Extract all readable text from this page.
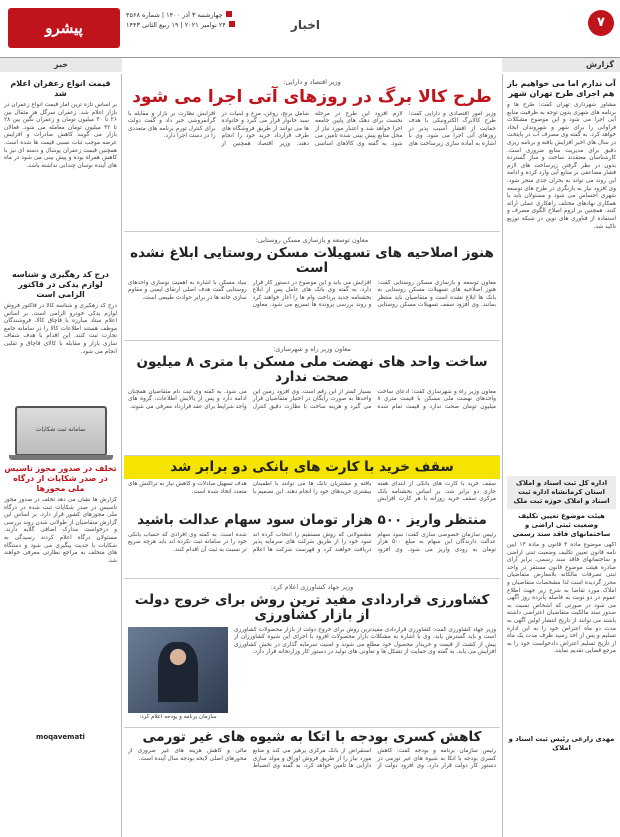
پیشرو
چهارشنبه ۳ آذر ۱۴۰۰ | شماره ۴۵۶۸
۲۴ نوامبر ۲۰۲۱ | ۱۹ ربیع الثانی ۱۴۴۳	اخبار	۷
گزارش
خبر
آب ندارم اما می خواهیم باز هم اجرای طرح تهران شهر
مشاور شهرداری تهران گفت: طرح ها و برنامه های شهری بدون توجه به ظرفیت منابع آبی اجرا می شود و این موضوع مشکلات فراوانی را برای شهر و شهروندان ایجاد خواهد کرد. به گفته وی مصرف آب در پایتخت در سال های اخیر افزایش یافته و برنامه ریزی دقیق برای مدیریت منابع ضروری است. کارشناسان معتقدند ساخت و ساز گسترده بدون در نظر گرفتن زیرساخت های لازم فشار مضاعفی بر منابع آبی وارد کرده و ادامه این روند می تواند به بحران جدی منجر شود. وی افزود نیاز به بازنگری در طرح های توسعه شهری احساس می شود و مسئولان باید با همکاری نهادهای مختلف راهکاری عملی ارائه کنند. همچنین بر لزوم اصلاح الگوی مصرف و استفاده از فناوری های نوین در شبکه توزیع تاکید شد.
اداره کل ثبت اسناد و املاک استان کرمانشاه اداره ثبت اسناد و املاک حوزه ثبت ملک
هیئت موضوع تعیین تکلیف وضعیت ثبتی اراضی و ساختمانهای فاقد سند رسمی
آگهی موضوع ماده ۳ قانون و ماده ۱۳ آیین نامه قانون تعیین تکلیف وضعیت ثبتی اراضی و ساختمانهای فاقد سند رسمی. برابر آرای صادره هیئت موضوع قانون مستقر در واحد ثبتی تصرفات مالکانه بلامعارض متقاضیان محرز گردیده است لذا مشخصات متقاضیان و املاک مورد تقاضا به شرح زیر جهت اطلاع عموم در دو نوبت به فاصله پانزده روز آگهی می شود در صورتی که اشخاص نسبت به صدور سند مالکیت متقاضیان اعتراضی داشته باشند می توانند از تاریخ انتشار اولین آگهی به مدت دو ماه اعتراض خود را به این اداره تسلیم و پس از اخذ رسید ظرف مدت یک ماه از تاریخ تسلیم اعتراض دادخواست خود را به مرجع قضایی تقدیم نمایند.
مهدی زارعی رئیس ثبت اسناد و املاک
وزیر اقتصاد و دارایی:
طرح کالا برگ در روزهای آتی اجرا می شود
وزیر امور اقتصادی و دارایی گفت: طرح کالابرگ الکترونیکی با هدف حمایت از اقشار آسیب پذیر در روزهای آتی اجرا می شود. وی با اشاره به آماده سازی زیرساخت های لازم افزود این طرح در مرحله نخست برای دهک های پایین جامعه اجرا خواهد شد و اعتبار مورد نیاز از محل منابع پیش بینی شده تامین می شود. به گفته وی کالاهای اساسی شامل برنج، روغن، مرغ و لبنیات در سبد خانوار قرار می گیرد و خانواده ها می توانند از طریق فروشگاه های طرف قرارداد خرید خود را انجام دهند. وزیر اقتصاد همچنین از افزایش نظارت بر بازار و مقابله با گرانفروشی خبر داد و گفت دولت برای کنترل تورم برنامه های متعددی را در دست اجرا دارد.
معاون توسعه و بازسازی مسکن روستایی:
هنوز اصلاحیه های تسهیلات مسکن روستایی ابلاغ نشده است
معاون توسعه و بازسازی مسکن روستایی گفت: هنوز اصلاحیه های تسهیلات مسکن روستایی به بانک ها ابلاغ نشده است و متقاضیان باید منتظر بمانند. وی افزود سقف تسهیلات مسکن روستایی افزایش می یابد و این موضوع در دستور کار قرار دارد. به گفته وی بانک های عامل پس از ابلاغ بخشنامه جدید پرداخت وام ها را آغاز خواهند کرد و روند بررسی پرونده ها تسریع می شود. معاون بنیاد مسکن با اشاره به اهمیت نوسازی واحدهای روستایی گفت هدف اصلی ارتقای ایمنی و مقاوم سازی خانه ها در برابر حوادث طبیعی است.
معاون وزیر راه و شهرسازی:
ساخت واحد های نهضت ملی مسکن با متری ۸ میلیون صحت ندارد
معاون وزیر راه و شهرسازی گفت: ادعای ساخت واحدهای نهضت ملی مسکن با قیمت متری ۸ میلیون تومان صحت ندارد و قیمت تمام شده بسیار کمتر از این رقم است. وی افزود زمین این واحدها به صورت رایگان در اختیار متقاضیان قرار می گیرد و هزینه ساخت با نظارت دقیق کنترل می شود. به گفته وی ثبت نام متقاضیان همچنان ادامه دارد و پس از پالایش اطلاعات، گروه های واجد شرایط برای عقد قرارداد معرفی می شوند.
سقف خرید با کارت های بانکی دو برابر شد
سقف خرید با کارت های بانکی از ابتدای هفته جاری دو برابر شد. بر اساس بخشنامه بانک مرکزی سقف خرید روزانه با هر کارت افزایش یافته و مشتریان بانک ها می توانند با اطمینان بیشتری خریدهای خود را انجام دهند. این تصمیم با هدف تسهیل مبادلات و کاهش نیاز به تراکنش های متعدد اتخاذ شده است.
منتظر واریز ۵۰۰ هزار تومان سود سهام عدالت باشید
رئیس سازمان خصوصی سازی گفت: سود سهام عدالت دارندگان این سهام به مبلغ ۵۰۰ هزار تومان به زودی واریز می شود. وی افزود مشمولانی که روش مستقیم را انتخاب کرده اند سود خود را از طریق شرکت های سرمایه پذیر دریافت خواهند کرد و فهرست شرکت ها اعلام شده است. به گفته وی افرادی که حساب بانکی خود را در سامانه ثبت نکرده اند باید هرچه سریع تر نسبت به ثبت آن اقدام کنند.
وزیر جهاد کشاورزی اعلام کرد:
کشاورزی قراردادی مفید ترین روش برای خروج دولت از بازار کشاورزی
وزیر جهاد کشاورزی گفت: کشاورزی قراردادی مفیدترین روش برای خروج دولت از بازار محصولات کشاورزی است و باید گسترش یابد. وی با اشاره به مشکلات بازار محصولات افزود با اجرای این شیوه کشاورزان از پیش از کشت از قیمت و خریدار محصول خود مطلع می شوند و امنیت سرمایه گذاری در بخش کشاورزی افزایش می یابد. به گفته وی حمایت از تشکل ها و تعاونی های تولید در دستور کار وزارتخانه قرار دارد.
سازمان برنامه و بودجه اعلام کرد:
کاهش کسری بودجه با اتکا به شیوه های غیر تورمی
رئیس سازمان برنامه و بودجه گفت: کاهش کسری بودجه با اتکا به شیوه های غیر تورمی در دستور کار دولت قرار دارد. وی افزود دولت از استقراض از بانک مرکزی پرهیز می کند و منابع مورد نیاز را از طریق فروش اوراق و مولد سازی دارایی ها تامین خواهد کرد. به گفته وی انضباط مالی و کاهش هزینه های غیر ضروری از محورهای اصلی لایحه بودجه سال آینده است.
قیمت انواع زعفران اعلام شد
بر اساس تازه ترین آمار قیمت انواع زعفران در بازار اعلام شد. زعفران سرگل هر مثقال بین ۲۶ تا ۳۰ میلیون تومان و زعفران نگین بین ۲۸ تا ۳۲ میلیون تومان معامله می شود. فعالان بازار می گویند کاهش صادرات و افزایش عرضه موجب ثبات نسبی قیمت ها شده است. همچنین قیمت زعفران پوشال و دسته ای نیز با کاهش همراه بوده و پیش بینی می شود در ماه های آینده نوسان چندانی نداشته باشد.
درج کد رهگیری و شناسه لوازم یدکی در فاکتور الزامی است
درج کد رهگیری و شناسه کالا در فاکتور فروش لوازم یدکی خودرو الزامی است. بر اساس اعلام ستاد مبارزه با قاچاق کالا، فروشندگان موظف هستند اطلاعات کالا را در سامانه جامع تجارت ثبت کنند. این اقدام با هدف شفاف سازی بازار و مقابله با کالای قاچاق و تقلبی انجام می شود.
سامانه ثبت شکایات
تخلف در صدور مجوز تاسیس در صدر شکایات از درگاه ملی مجوزها
گزارش ها نشان می دهد تخلف در صدور مجوز تاسیس در صدر شکایات ثبت شده در درگاه ملی مجوزهای کشور قرار دارد. بر اساس این گزارش متقاضیان از طولانی شدن روند بررسی و درخواست مدارک اضافی گلایه دارند. مسئولان درگاه اعلام کردند رسیدگی به شکایات با جدیت پیگیری می شود و دستگاه های متخلف به مراجع نظارتی معرفی خواهند شد.
moqavemati
